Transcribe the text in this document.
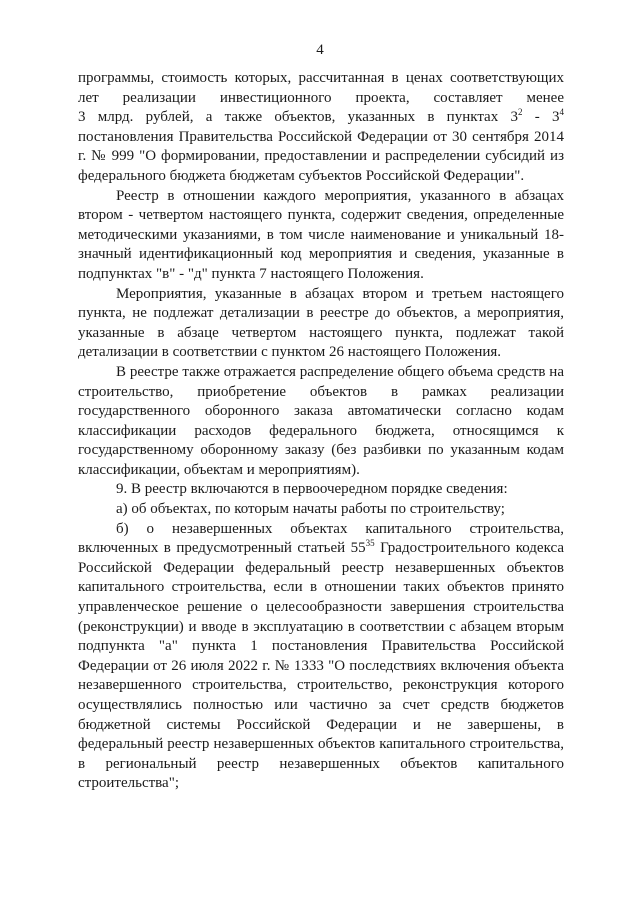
4

программы, стоимость которых, рассчитанная в ценах соответствующих

лет реализации инвестиционного проекта, составляет менее

3 млрд. рублей, а также объектов, указанных в пунктах $3^2 - 3^4$

постановления Правительства Российской Федерации от 30 сентября 2014 г. № 999 "О формировании, предоставлении и распределении субсидий из федерального бюджета бюджетам субъектов Российской Федерации".

Реестр в отношении каждого мероприятия, указанного в абзацах втором - четвертом настоящего пункта, содержит сведения, определенные методическими указаниями, в том числе наименование и уникальный 18-значный идентификационный код мероприятия и сведения, указанные в подпунктах "в" - "д" пункта 7 настоящего Положения.

Мероприятия, указанные в абзацах втором и третьем настоящего пункта, не подлежат детализации в реестре до объектов, а мероприятия, указанные в абзаце четвертом настоящего пункта, подлежат такой детализации в соответствии с пунктом 26 настоящего Положения.

В реестре также отражается распределение общего объема средств на строительство, приобретение объектов в рамках реализации государственного оборонного заказа автоматически согласно кодам классификации расходов федерального бюджета, относящимся к государственному оборонному заказу (без разбивки по указанным кодам классификации, объектам и мероприятиям).

9. В реестр включаются в первоочередном порядке сведения:

а) об объектах, по которым начаты работы по строительству;

б) о незавершенных объектах капитального строительства,

включенных в предусмотренный статьей $55^{35}$ Градостроительного кодекса

Российской Федерации федеральный реестр незавершенных объектов капитального строительства, если в отношении таких объектов принято управленческое решение о целесообразности завершения строительства (реконструкции) и вводе в эксплуатацию в соответствии с абзацем вторым подпункта "а" пункта 1 постановления Правительства Российской Федерации от 26 июля 2022 г. № 1333 "О последствиях включения объекта незавершенного строительства, строительство, реконструкция которого осуществлялись полностью или частично за счет средств бюджетов бюджетной системы Российской Федерации и не завершены, в федеральный реестр незавершенных объектов капитального строительства, в региональный реестр незавершенных объектов капитального строительства";
